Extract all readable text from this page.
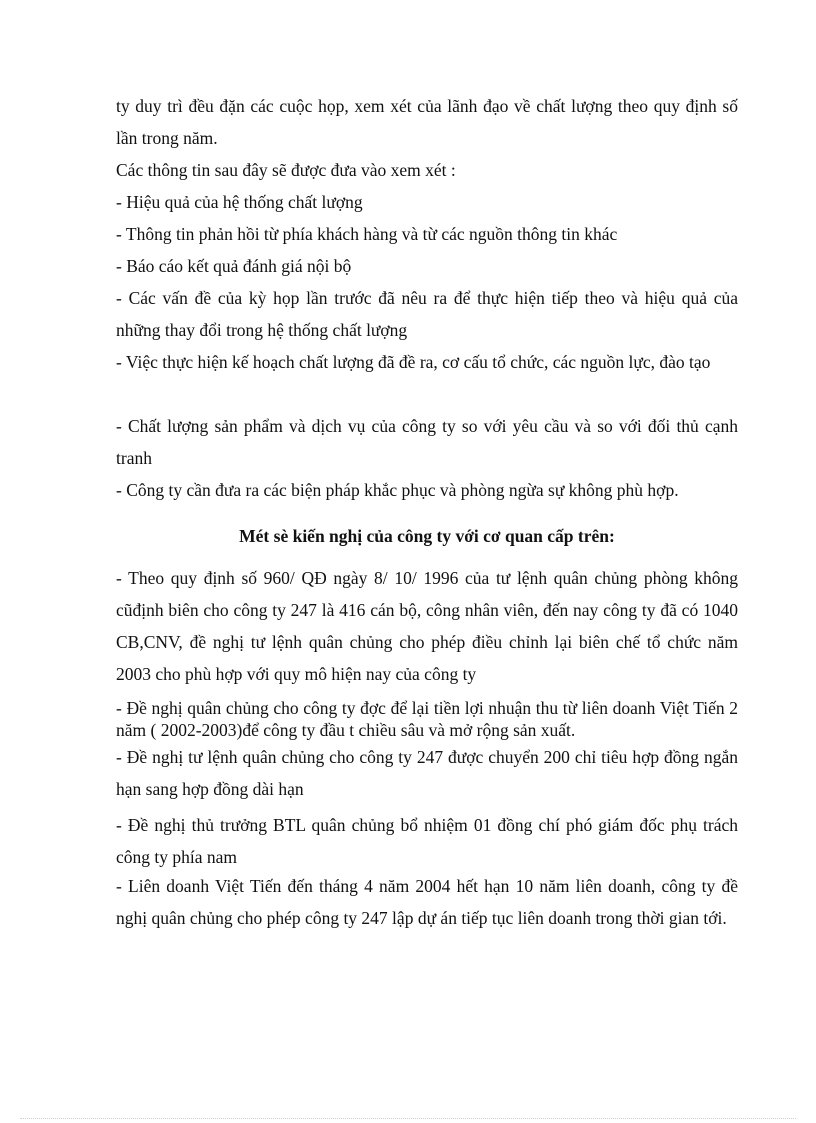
ty duy trì đều đặn các cuộc họp, xem xét của lãnh đạo về chất lượng theo quy định số lần trong năm.

Các thông tin sau đây sẽ được đưa vào xem xét :

- Hiệu quả của hệ thống chất lượng

- Thông tin phản hồi từ phía khách hàng và từ các nguồn thông tin khác

- Báo cáo kết quả đánh giá nội bộ

- Các vấn đề của kỳ họp lần trước đã nêu ra để thực hiện tiếp theo và hiệu quả của những thay đổi trong hệ thống chất lượng

- Việc thực hiện kế hoạch chất lượng đã đề ra, cơ cấu tổ chức, các nguồn lực, đào tạo

- Chất lượng sản phẩm và dịch vụ của công ty so với yêu cầu và so với đối thủ cạnh tranh

- Công ty cần đưa ra các biện pháp khắc phục và phòng ngừa sự không phù hợp.

Mét sè kiến nghị của công ty với cơ quan cấp trên:

- Theo quy định số 960/ QĐ ngày 8/ 10/ 1996 của tư lệnh quân chủng phòng không cũđịnh biên cho công ty 247 là 416 cán bộ, công nhân viên, đến nay công ty đã có 1040 CB,CNV, đề nghị tư lệnh quân chủng cho phép điều chỉnh lại biên chế tổ chức năm 2003 cho phù hợp với quy mô hiện nay của công ty

- Đề nghị quân chủng cho công ty đợc để lại tiền lợi nhuận thu từ liên doanh Việt Tiến 2 năm ( 2002-2003)để công ty đầu t chiều sâu và mở rộng sản xuất.

- Đề nghị tư lệnh quân chủng cho công ty 247 được chuyển 200 chỉ tiêu hợp đồng ngắn hạn sang hợp đồng dài hạn

- Đề nghị thủ trưởng BTL quân chủng bổ nhiệm 01 đồng chí phó giám đốc phụ trách công ty phía nam

- Liên doanh Việt Tiến đến tháng 4 năm 2004 hết hạn 10 năm liên doanh, công ty đề nghị quân chủng cho phép công ty 247 lập dự án tiếp tục liên doanh trong thời gian tới.
